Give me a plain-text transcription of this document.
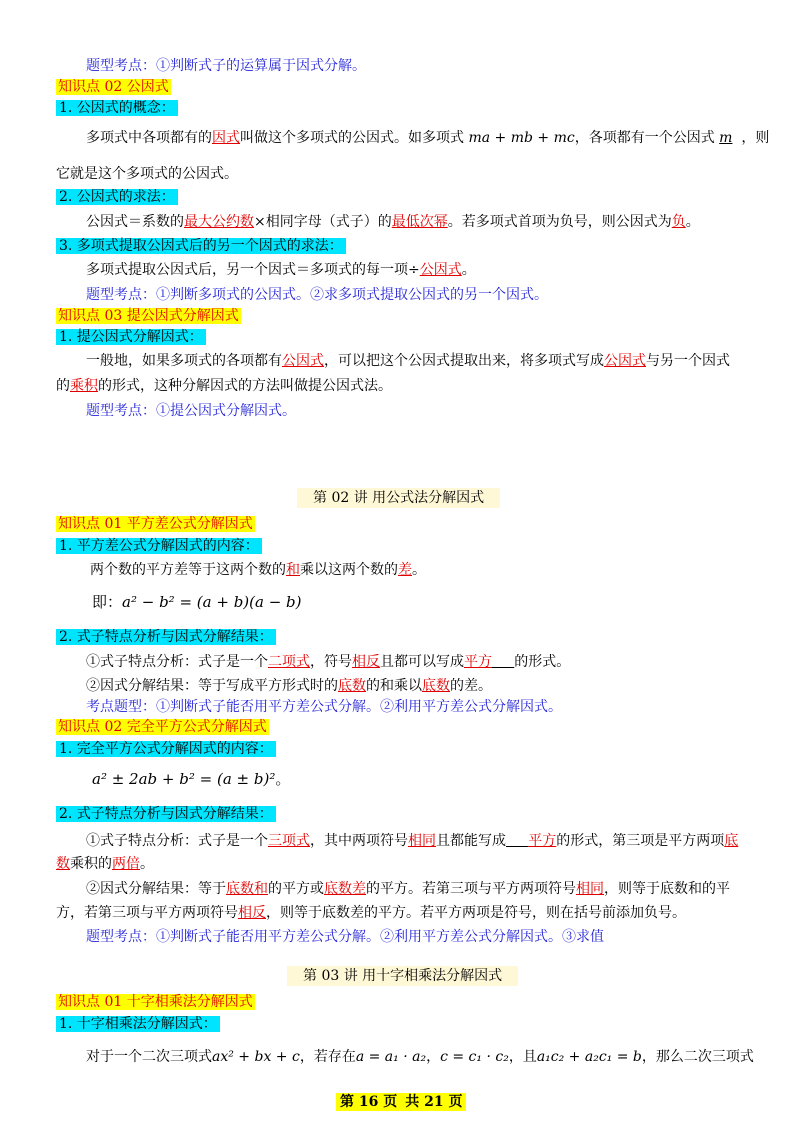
题型考点：①判断式子的运算属于因式分解。
知识点 02 公因式
1. 公因式的概念：
多项式中各项都有的因式叫做这个多项式的公因式。如多项式 ma + mb + mc，各项都有一个公因式 m ，则
它就是这个多项式的公因式。
2. 公因式的求法：
公因式＝系数的最大公约数×相同字母（式子）的最低次幂。若多项式首项为负号，则公因式为负。
3. 多项式提取公因式后的另一个因式的求法：
多项式提取公因式后，另一个因式＝多项式的每一项÷公因式。
题型考点：①判断多项式的公因式。②求多项式提取公因式的另一个因式。
知识点 03 提公因式分解因式
1. 提公因式分解因式：
一般地，如果多项式的各项都有公因式，可以把这个公因式提取出来，将多项式写成公因式与另一个因式
的乘积的形式，这种分解因式的方法叫做提公因式法。
题型考点：①提公因式分解因式。
第 02 讲 用公式法分解因式
知识点 01 平方差公式分解因式
1. 平方差公式分解因式的内容：
两个数的平方差等于这两个数的和乘以这两个数的差。
即：a² − b² = (a + b)(a − b)
2. 式子特点分析与因式分解结果：
①式子特点分析：式子是一个二项式，符号相反且都可以写成平方 的形式。
②因式分解结果：等于写成平方形式时的底数的和乘以底数的差。
考点题型：①判断式子能否用平方差公式分解。②利用平方差公式分解因式。
知识点 02 完全平方公式分解因式
1. 完全平方公式分解因式的内容：
a² ± 2ab + b² = (a ± b)²。
2. 式子特点分析与因式分解结果：
①式子特点分析：式子是一个三项式，其中两项符号相同且都能写成 平方的形式，第三项是平方两项底
数乘积的两倍。
②因式分解结果：等于底数和的平方或底数差的平方。若第三项与平方两项符号相同，则等于底数和的平
方，若第三项与平方两项符号相反，则等于底数差的平方。若平方两项是符号，则在括号前添加负号。
题型考点：①判断式子能否用平方差公式分解。②利用平方差公式分解因式。③求值
第 03 讲 用十字相乘法分解因式
知识点 01 十字相乘法分解因式
1. 十字相乘法分解因式：
对于一个二次三项式ax² + bx + c，若存在a = a₁ · a₂，c = c₁ · c₂，且a₁c₂ + a₂c₁ = b，那么二次三项式
第 16 页 共 21 页
